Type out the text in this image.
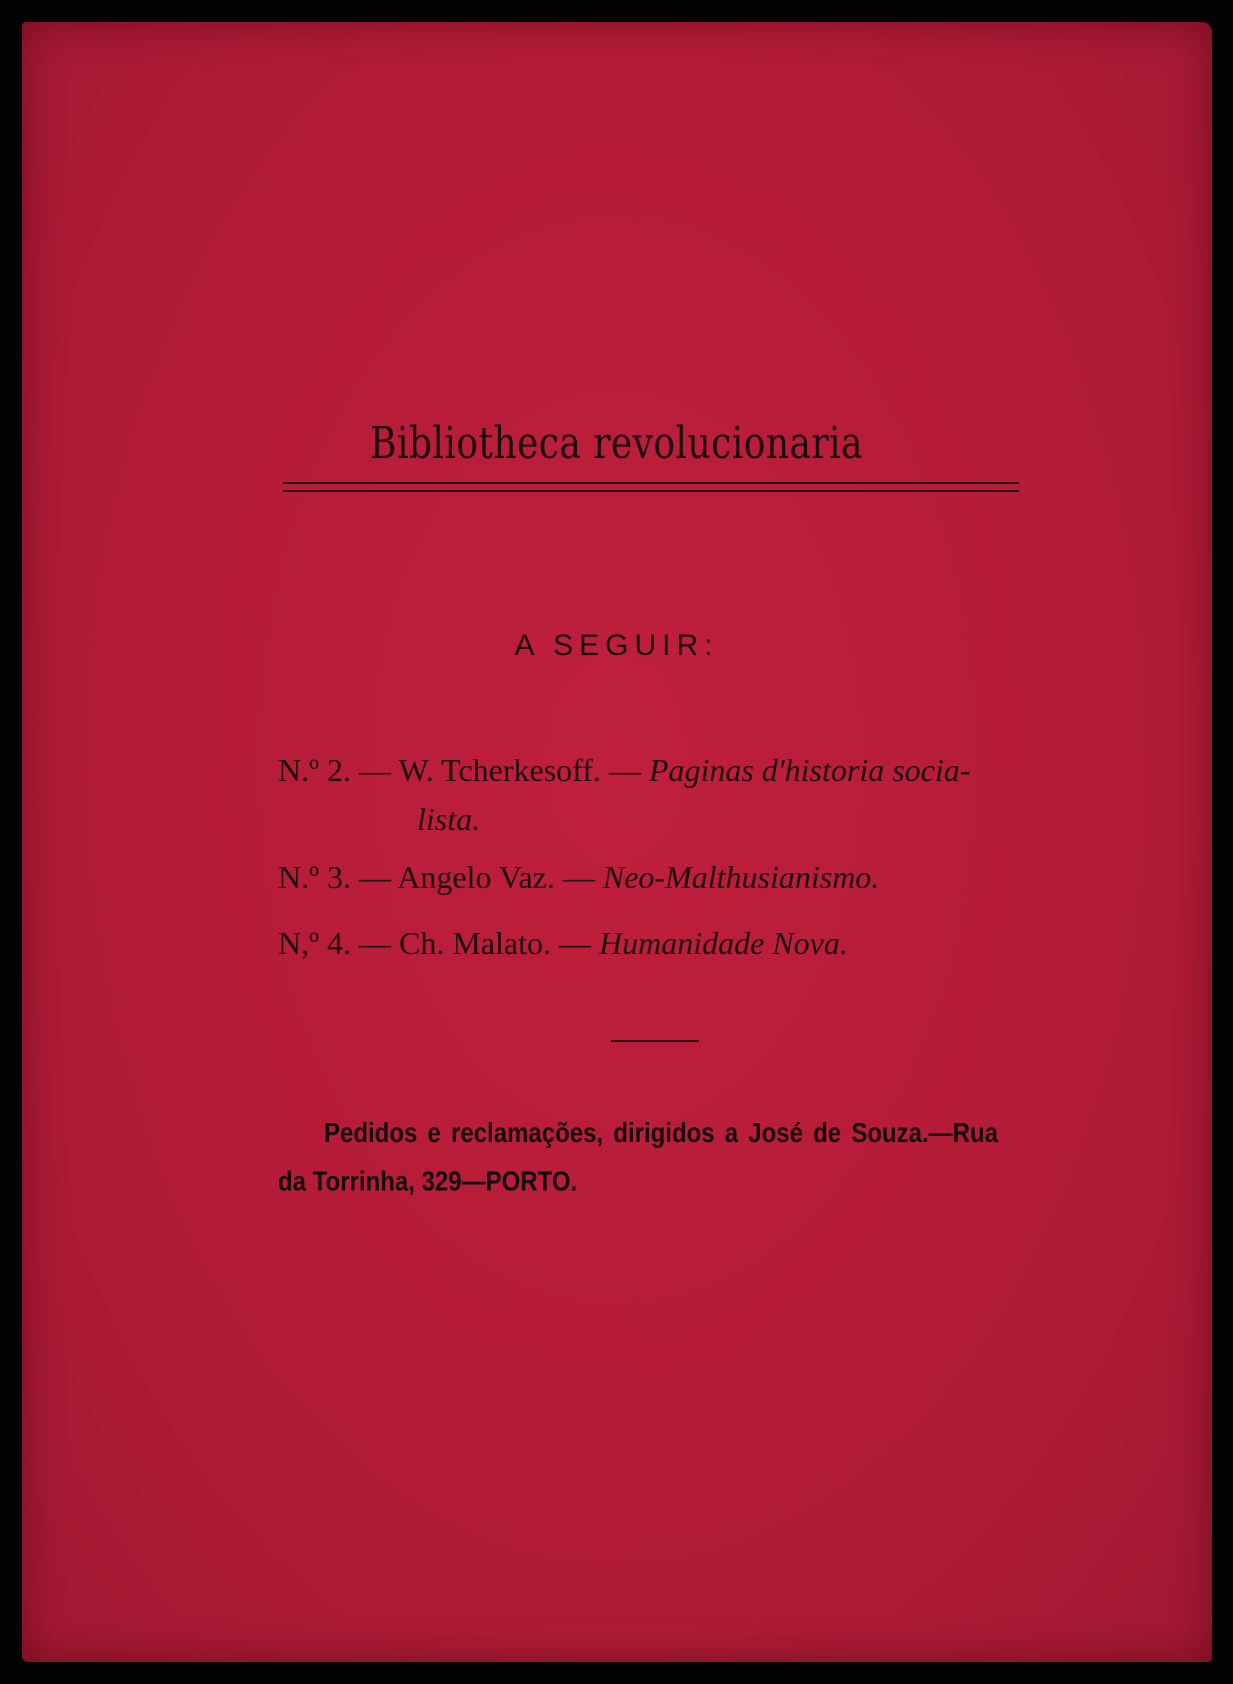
Bibliotheca revolucionaria
A SEGUIR:
N.º 2. — W. Tcherkesoff. — Paginas d'historia socia-
lista.
N.º 3. — Angelo Vaz. — Neo-Malthusianismo.
N,º 4. — Ch. Malato. — Humanidade Nova.
Pedidos e reclamações, dirigidos a José de Souza.—Rua da Torrinha, 329—PORTO.
